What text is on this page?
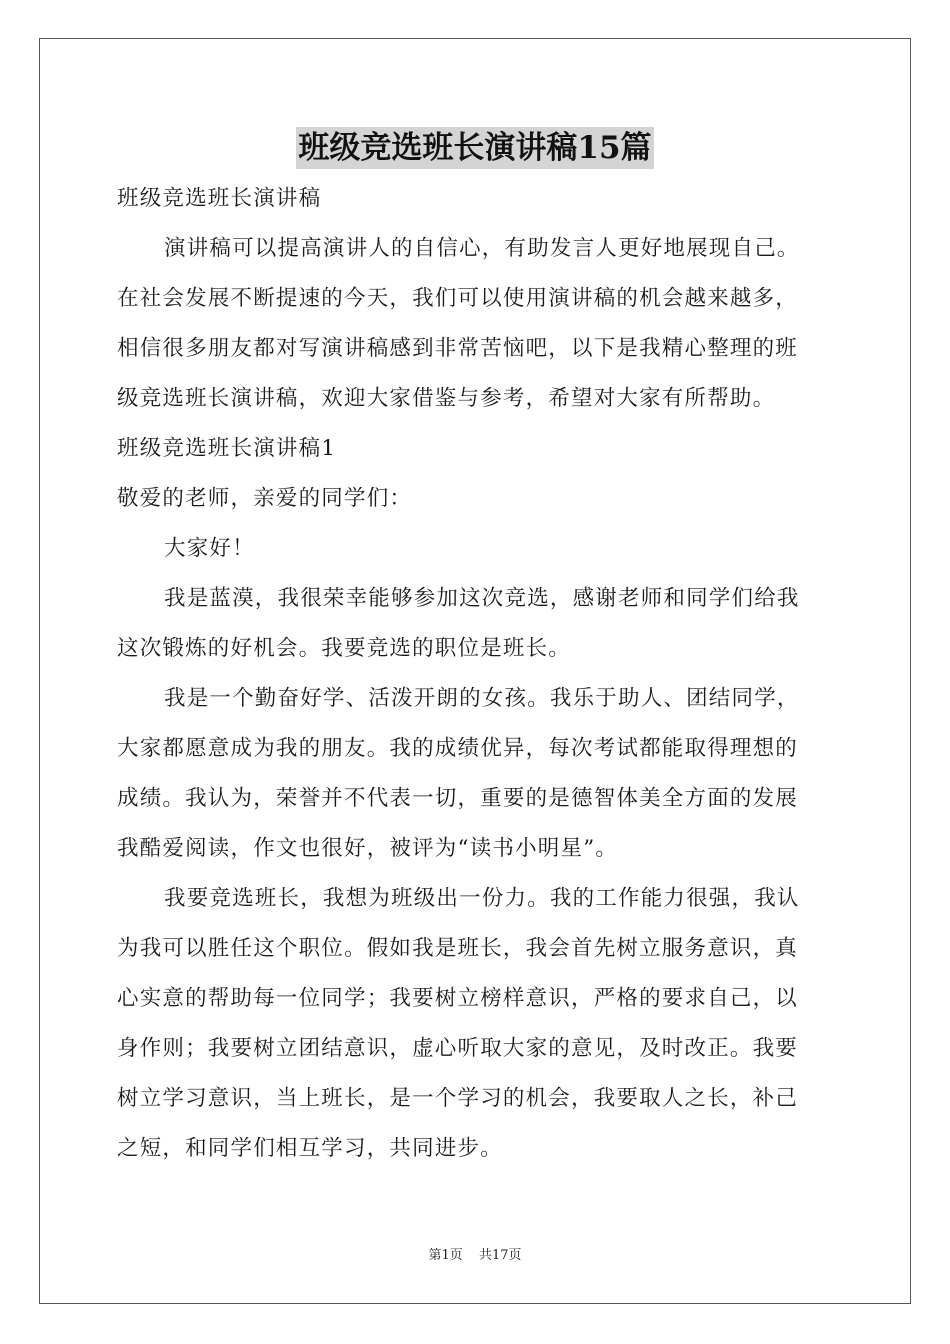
班级竞选班长演讲稿15篇
班级竞选班长演讲稿
演讲稿可以提高演讲人的自信心，有助发言人更好地展现自己。
在社会发展不断提速的今天，我们可以使用演讲稿的机会越来越多，
相信很多朋友都对写演讲稿感到非常苦恼吧，以下是我精心整理的班
级竞选班长演讲稿，欢迎大家借鉴与参考，希望对大家有所帮助。
班级竞选班长演讲稿1
敬爱的老师，亲爱的同学们：
大家好！
我是蓝漠，我很荣幸能够参加这次竞选，感谢老师和同学们给我
这次锻炼的好机会。我要竞选的职位是班长。
我是一个勤奋好学、活泼开朗的女孩。我乐于助人、团结同学，
大家都愿意成为我的朋友。我的成绩优异，每次考试都能取得理想的
成绩。我认为，荣誉并不代表一切，重要的是德智体美全方面的发展
我酷爱阅读，作文也很好，被评为“读书小明星”。
我要竞选班长，我想为班级出一份力。我的工作能力很强，我认
为我可以胜任这个职位。假如我是班长，我会首先树立服务意识，真
心实意的帮助每一位同学；我要树立榜样意识，严格的要求自己，以
身作则；我要树立团结意识，虚心听取大家的意见，及时改正。我要
树立学习意识，当上班长，是一个学习的机会，我要取人之长，补己
之短，和同学们相互学习，共同进步。
第1页 共17页
